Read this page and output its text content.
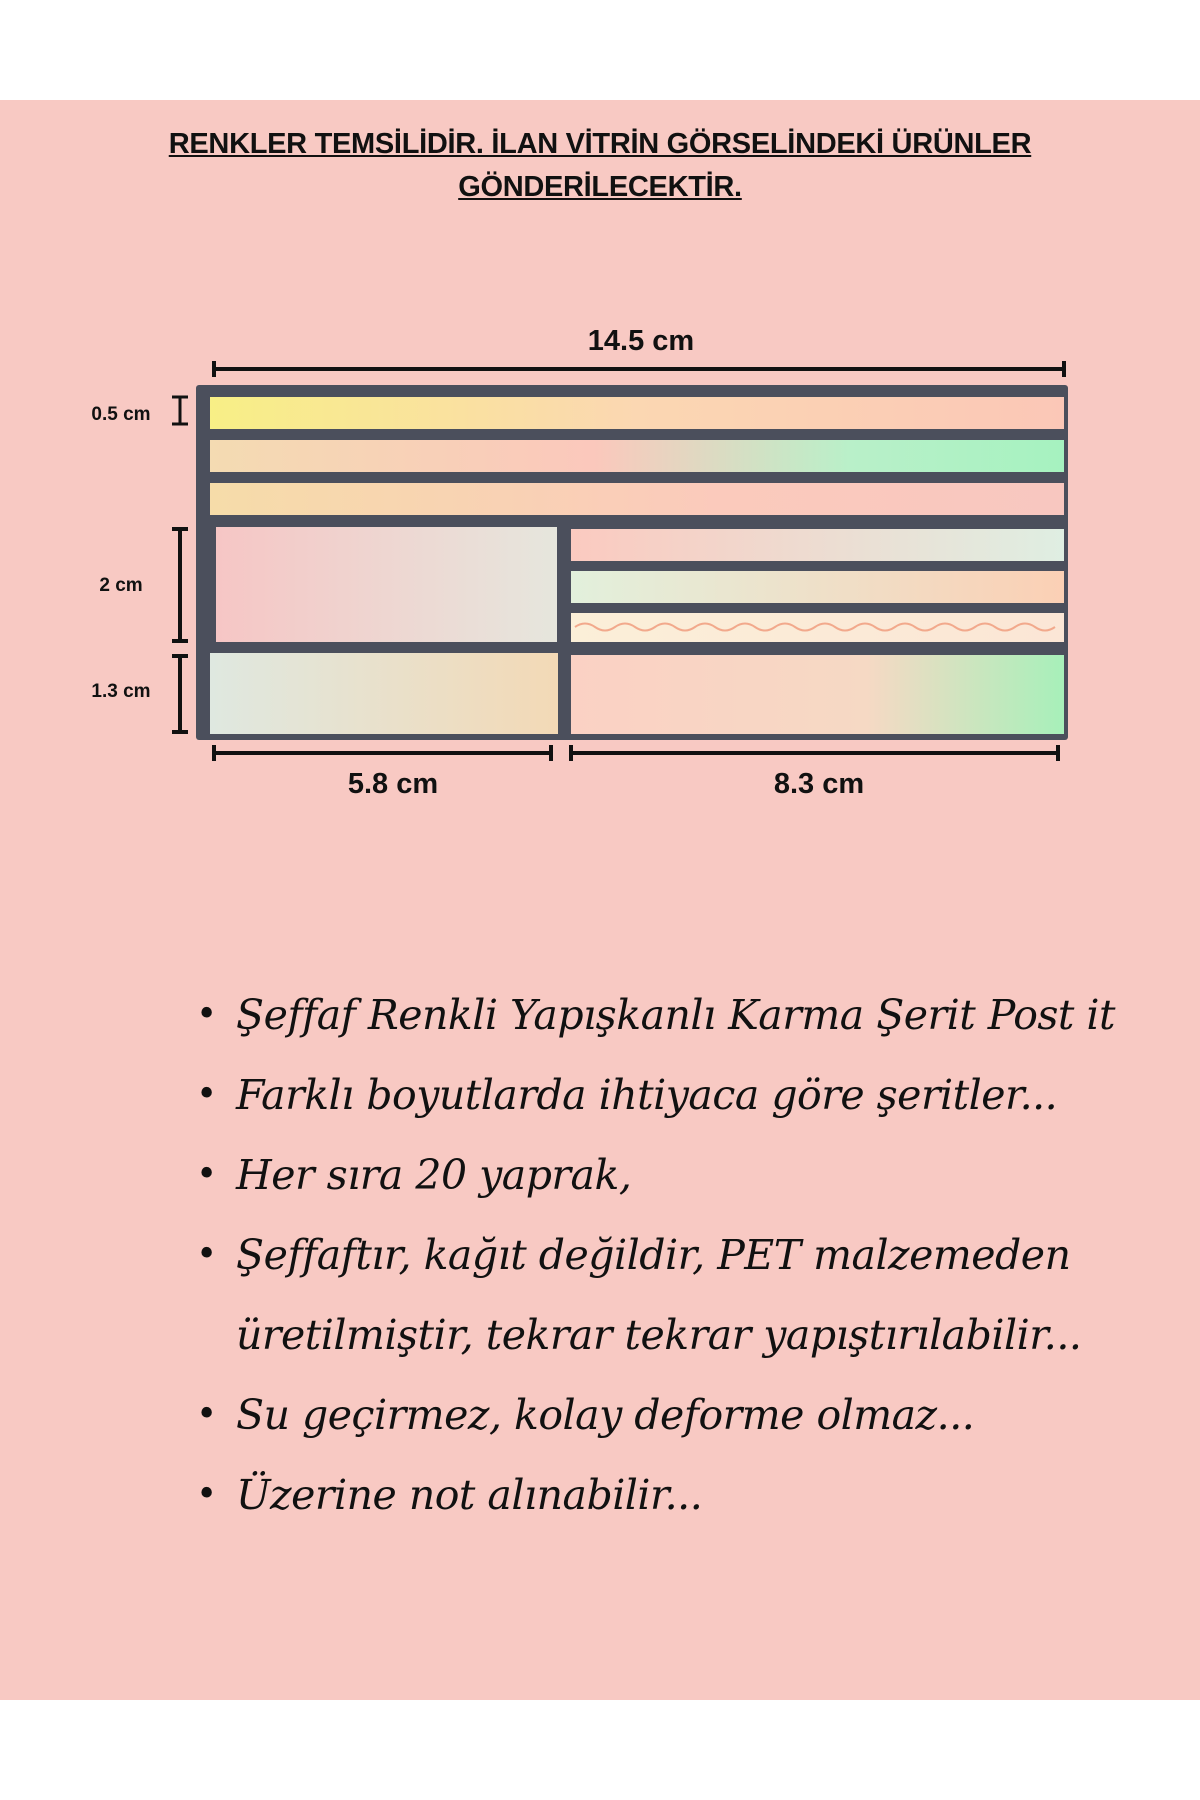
RENKLER TEMSİLİDİR. İLAN VİTRİN GÖRSELİNDEKİ ÜRÜNLER
GÖNDERİLECEKTİR.
14.5 cm
0.5 cm
2 cm
1.3 cm
5.8 cm	8.3 cm
• Şeffaf Renkli Yapışkanlı Karma Şerit Post it
• Farklı boyutlarda ihtiyaca göre şeritler...
• Her sıra 20 yaprak,
• Şeffaftır, kağıt değildir, PET malzemeden üretilmiştir, tekrar tekrar yapıştırılabilir...
• Su geçirmez, kolay deforme olmaz...
• Üzerine not alınabilir...
